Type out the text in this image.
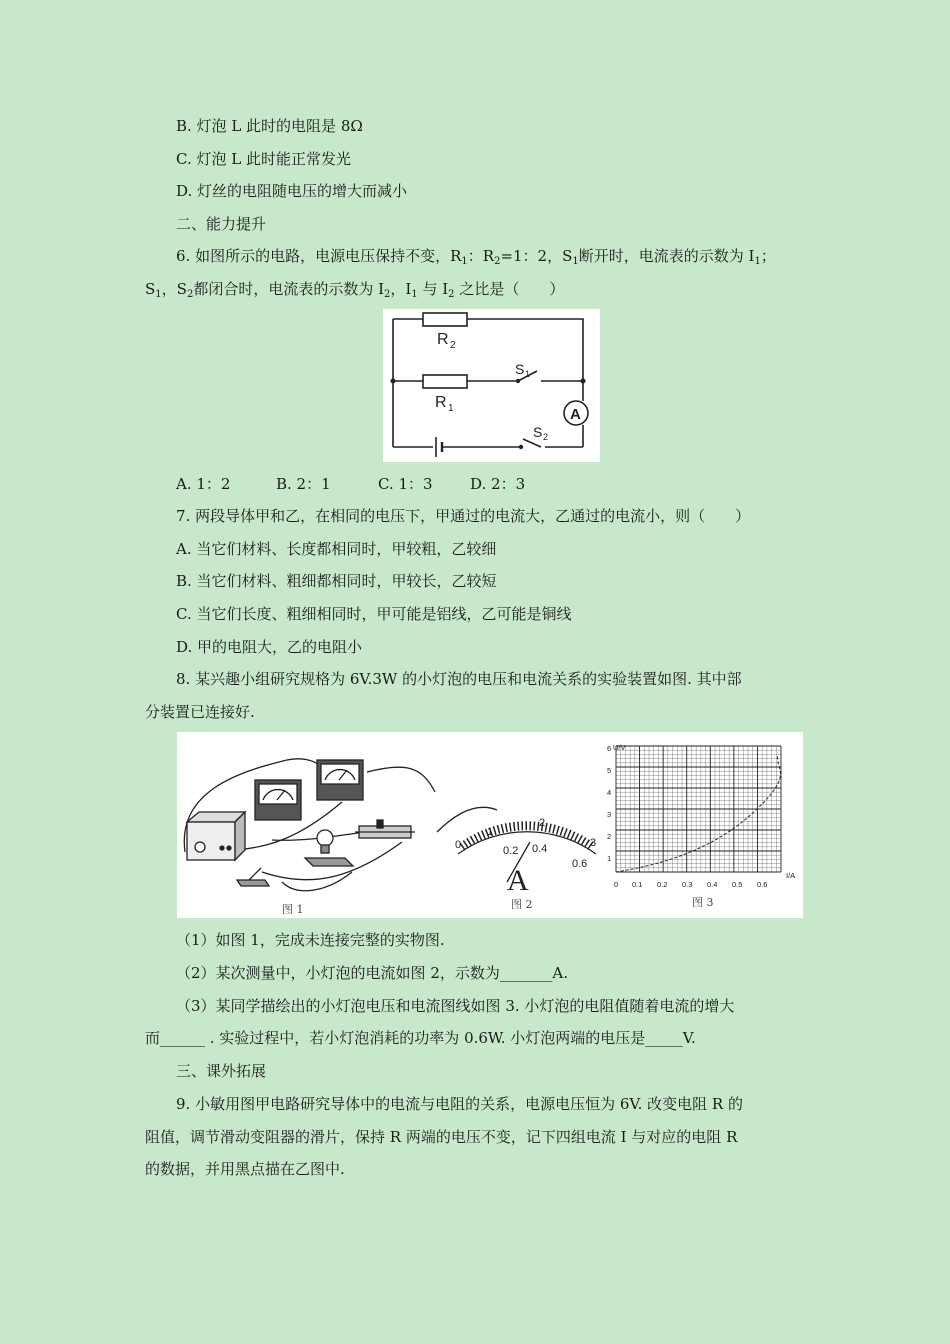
B. 灯泡 L 此时的电阻是 8Ω
C. 灯泡 L 此时能正常发光
D. 灯丝的电阻随电压的增大而减小
二、能力提升
6. 如图所示的电路，电源电压保持不变，$R_1$：$R_2=1$：2，$S_1$断开时，电流表的示数为 $I_1$；
$S_1$，$S_2$都闭合时，电流表的示数为 $I_2$，$I_1$ 与 $I_2$ 之比是（　　）
R 2
R 1
S 1
S 2
A
A. 1：2	B. 2：1	C. 1：3 D. 2：3
7. 两段导体甲和乙，在相同的电压下，甲通过的电流大，乙通过的电流小，则（　　）
A. 当它们材料、长度都相同时，甲较粗，乙较细
B. 当它们材料、粗细都相同时，甲较长，乙较短
C. 当它们长度、粗细相同时，甲可能是铝线，乙可能是铜线
D. 甲的电阻大，乙的电阻小
8. 某兴趣小组研究规格为 6V.3W 的小灯泡的电压和电流关系的实验装置如图. 其中部
分装置已连接好.
0	0.2 0.4
0.6
1
2
3
A
U/V
I/A
1
2
3
4
5
6
0 0.1 0.2 0.3 0.4 0.5 0.6
图 1	图 2	图 3
（1）如图 1，完成未连接完整的实物图.
（2）某次测量中，小灯泡的电流如图 2，示数为_______A.
（3）某同学描绘出的小灯泡电压和电流图线如图 3. 小灯泡的电阻值随着电流的增大
而______ . 实验过程中，若小灯泡消耗的功率为 0.6W. 小灯泡两端的电压是_____V.
三、课外拓展
9. 小敏用图甲电路研究导体中的电流与电阻的关系，电源电压恒为 6V. 改变电阻 R 的
阻值，调节滑动变阻器的滑片，保持 R 两端的电压不变，记下四组电流 I 与对应的电阻 R
的数据，并用黑点描在乙图中.
